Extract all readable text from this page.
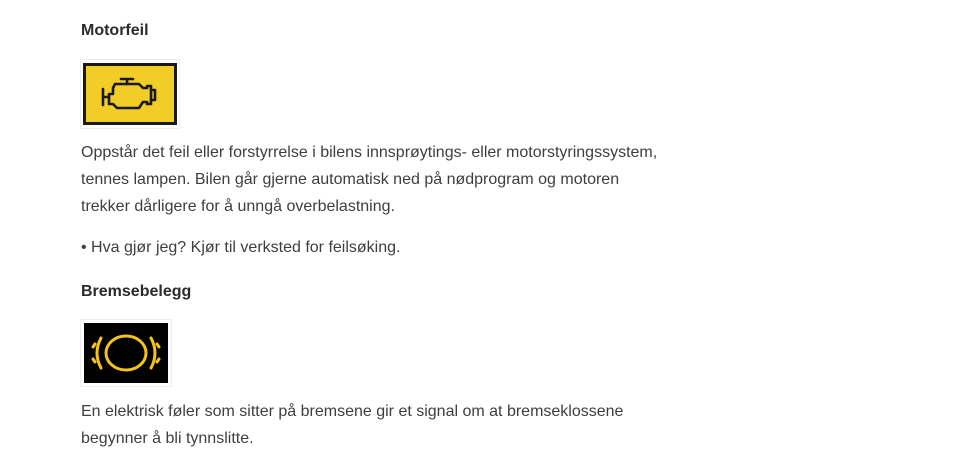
Motorfeil

Oppstår det feil eller forstyrrelse i bilens innsprøytings- eller motorstyringssystem,
tennes lampen. Bilen går gjerne automatisk ned på nødprogram og motoren
trekker dårligere for å unngå overbelastning.

• Hva gjør jeg? Kjør til verksted for feilsøking.

Bremsebelegg

En elektrisk føler som sitter på bremsene gir et signal om at bremseklossene
begynner å bli tynnslitte.
